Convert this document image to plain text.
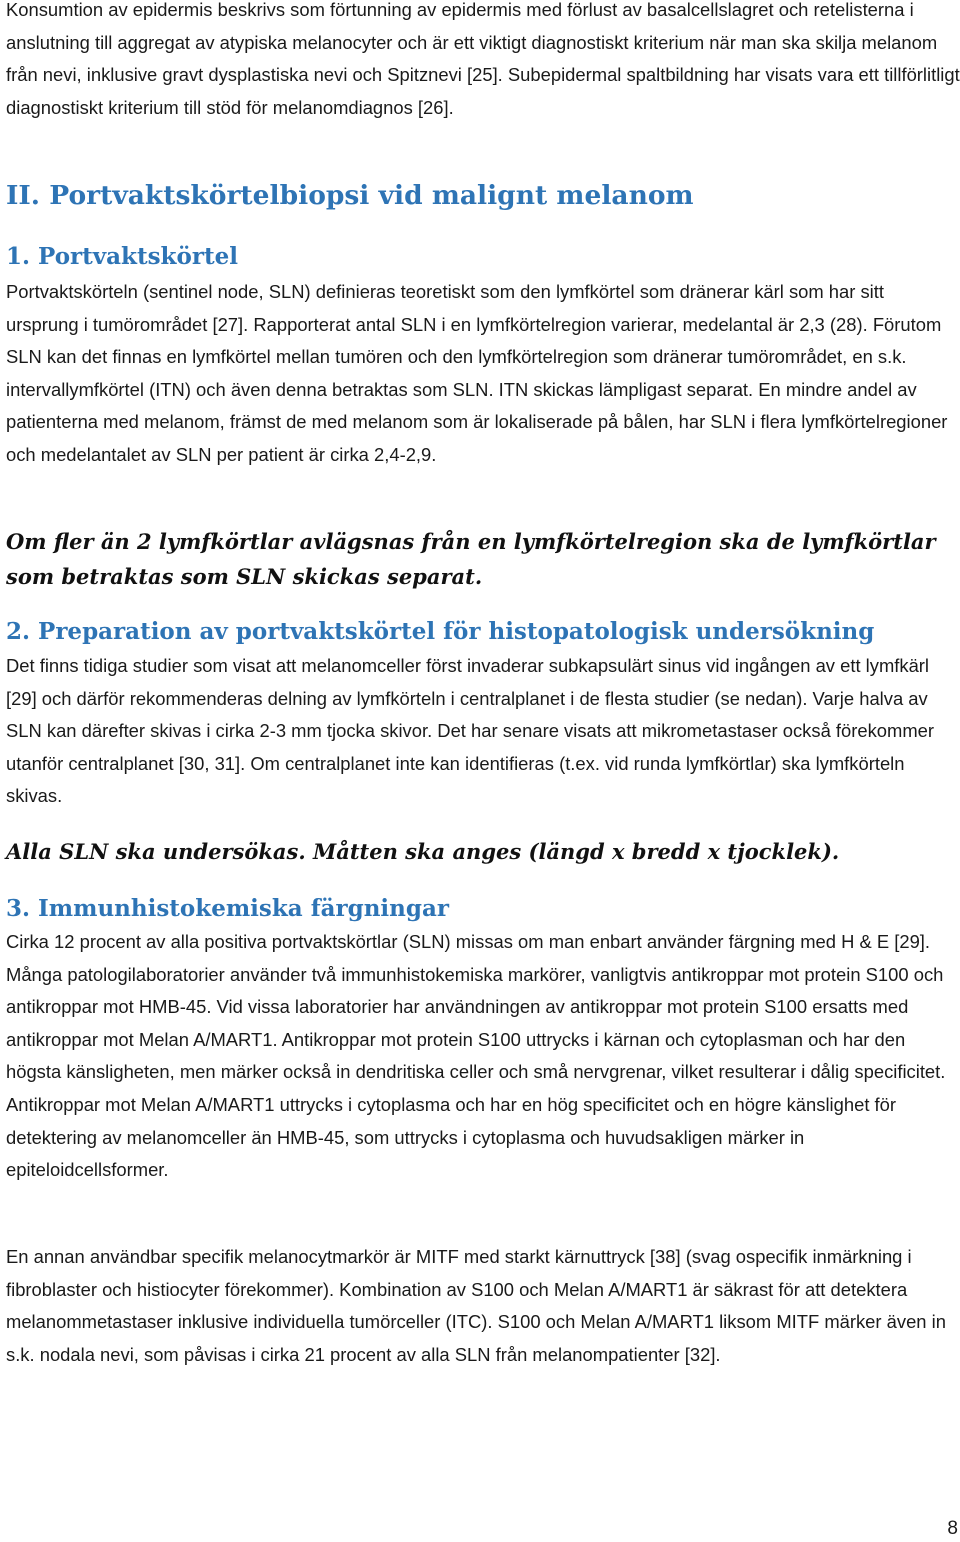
Konsumtion av epidermis beskrivs som förtunning av epidermis med förlust av basalcellslagret och retelisterna i anslutning till aggregat av atypiska melanocyter och är ett viktigt diagnostiskt kriterium när man ska skilja melanom från nevi, inklusive gravt dysplastiska nevi och Spitznevi [25]. Subepidermal spaltbildning har visats vara ett tillförlitligt diagnostiskt kriterium till stöd för melanomdiagnos [26].

II. Portvaktskörtelbiopsi vid malignt melanom
1. Portvaktskörtel

Portvaktskörteln (sentinel node, SLN) definieras teoretiskt som den lymfkörtel som dränerar kärl som har sitt ursprung i tumörområdet [27]. Rapporterat antal SLN i en lymfkörtelregion varierar, medelantal är 2,3 (28). Förutom SLN kan det finnas en lymfkörtel mellan tumören och den lymfkörtelregion som dränerar tumörområdet, en s.k. intervallymfkörtel (ITN) och även denna betraktas som SLN. ITN skickas lämpligast separat. En mindre andel av patienterna med melanom, främst de med melanom som är lokaliserade på bålen, har SLN i flera lymfkörtelregioner och medelantalet av SLN per patient är cirka 2,4-2,9.

Om fler än 2 lymfkörtlar avlägsnas från en lymfkörtelregion ska de lymfkörtlar som betraktas som SLN skickas separat.

2. Preparation av portvaktskörtel för histopatologisk undersökning

Det finns tidiga studier som visat att melanomceller först invaderar subkapsulärt sinus vid ingången av ett lymfkärl [29] och därför rekommenderas delning av lymfkörteln i centralplanet i de flesta studier (se nedan). Varje halva av SLN kan därefter skivas i cirka 2-3 mm tjocka skivor. Det har senare visats att mikrometastaser också förekommer utanför centralplanet [30, 31]. Om centralplanet inte kan identifieras (t.ex. vid runda lymfkörtlar) ska lymfkörteln skivas.

Alla SLN ska undersökas. Måtten ska anges (längd x bredd x tjocklek).

3. Immunhistokemiska färgningar

Cirka 12 procent av alla positiva portvaktskörtlar (SLN) missas om man enbart använder färgning med H & E [29]. Många patologilaboratorier använder två immunhistokemiska markörer, vanligtvis antikroppar mot protein S100 och antikroppar mot HMB-45. Vid vissa laboratorier har användningen av antikroppar mot protein S100 ersatts med antikroppar mot Melan A/MART1. Antikroppar mot protein S100 uttrycks i kärnan och cytoplasman och har den högsta känsligheten, men märker också in dendritiska celler och små nervgrenar, vilket resulterar i dålig specificitet. Antikroppar mot Melan A/MART1 uttrycks i cytoplasma och har en hög specificitet och en högre känslighet för detektering av melanomceller än HMB-45, som uttrycks i cytoplasma och huvudsakligen märker in epiteloidcellsformer.

En annan användbar specifik melanocytmarkör är MITF med starkt kärnuttryck [38] (svag ospecifik inmärkning i fibroblaster och histiocyter förekommer). Kombination av S100 och Melan A/MART1 är säkrast för att detektera melanommetastaser inklusive individuella tumörceller (ITC). S100 och Melan A/MART1 liksom MITF märker även in s.k. nodala nevi, som påvisas i cirka 21 procent av alla SLN från melanompatienter [32].

8
